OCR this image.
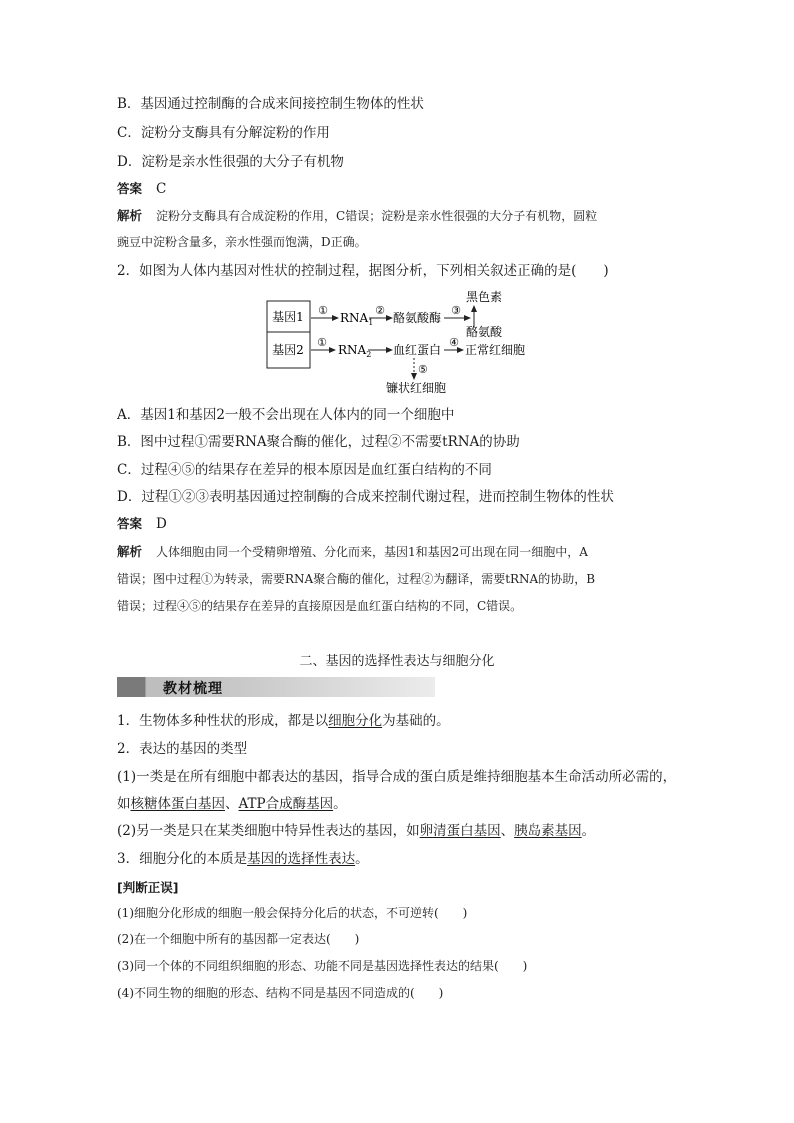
B．基因通过控制酶的合成来间接控制生物体的性状
C．淀粉分支酶具有分解淀粉的作用
D．淀粉是亲水性很强的大分子有机物
答案 C
解析 淀粉分支酶具有合成淀粉的作用，C错误；淀粉是亲水性很强的大分子有机物，圆粒
豌豆中淀粉含量多，亲水性强而饱满，D正确。
2．如图为人体内基因对性状的控制过程，据图分析，下列相关叙述正确的是(　　)
基因1
基因2
①
$RNA_1$
②
酪氨酸酶
③
黑色素
酪氨酸
①
$RNA_2$ 血红蛋白
④
正常红细胞
⑤
镰状红细胞
A．基因1和基因2一般不会出现在人体内的同一个细胞中
B．图中过程①需要RNA聚合酶的催化，过程②不需要tRNA的协助
C．过程④⑤的结果存在差异的根本原因是血红蛋白结构的不同
D．过程①②③表明基因通过控制酶的合成来控制代谢过程，进而控制生物体的性状
答案 D
解析 人体细胞由同一个受精卵增殖、分化而来，基因1和基因2可出现在同一细胞中，A
错误；图中过程①为转录，需要RNA聚合酶的催化，过程②为翻译，需要tRNA的协助，B
错误；过程④⑤的结果存在差异的直接原因是血红蛋白结构的不同，C错误。
二、基因的选择性表达与细胞分化
教材梳理
1．生物体多种性状的形成，都是以细胞分化为基础的。
2．表达的基因的类型
(1)一类是在所有细胞中都表达的基因，指导合成的蛋白质是维持细胞基本生命活动所必需的，
如核糖体蛋白基因、ATP合成酶基因。
(2)另一类是只在某类细胞中特异性表达的基因，如卵清蛋白基因、胰岛素基因。
3．细胞分化的本质是基因的选择性表达。
[判断正误]
(1)细胞分化形成的细胞一般会保持分化后的状态，不可逆转(　　)
(2)在一个细胞中所有的基因都一定表达(　　)
(3)同一个体的不同组织细胞的形态、功能不同是基因选择性表达的结果(　　)
(4)不同生物的细胞的形态、结构不同是基因不同造成的(　　)
